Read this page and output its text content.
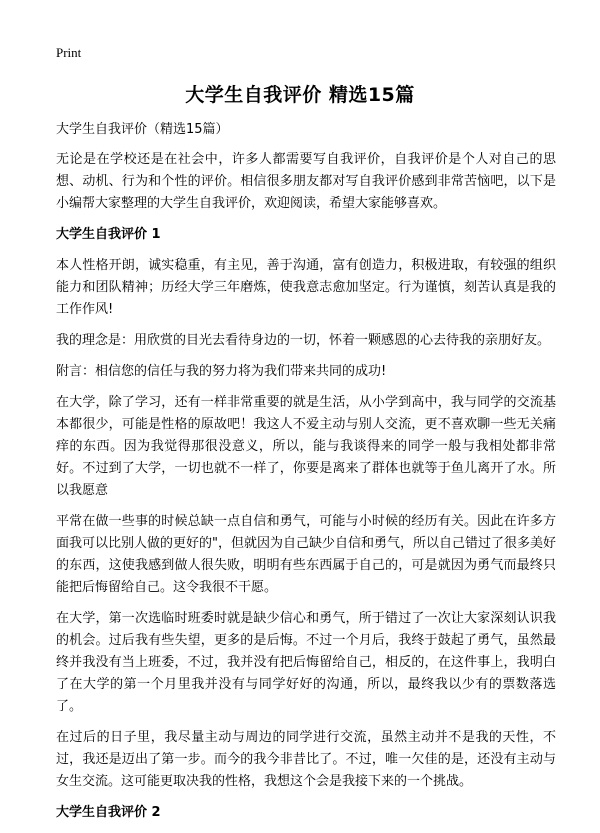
Print
大学生自我评价 精选15篇
大学生自我评价（精选15篇）
无论是在学校还是在社会中，许多人都需要写自我评价，自我评价是个人对自己的思想、动机、行为和个性的评价。相信很多朋友都对写自我评价感到非常苦恼吧，以下是小编帮大家整理的大学生自我评价，欢迎阅读，希望大家能够喜欢。
大学生自我评价 1
本人性格开朗，诚实稳重，有主见，善于沟通，富有创造力，积极进取，有较强的组织能力和团队精神；历经大学三年磨炼，使我意志愈加坚定。行为谨慎，刻苦认真是我的工作作风!
我的理念是：用欣赏的目光去看待身边的一切，怀着一颗感恩的心去待我的亲朋好友。
附言：相信您的信任与我的努力将为我们带来共同的成功!
在大学，除了学习，还有一样非常重要的就是生活，从小学到高中，我与同学的交流基本都很少，可能是性格的原故吧！我这人不爱主动与别人交流，更不喜欢聊一些无关痛痒的东西。因为我觉得那很没意义，所以，能与我谈得来的同学一般与我相处都非常好。不过到了大学，一切也就不一样了，你要是离来了群体也就等于鱼儿离开了水。所以我愿意
平常在做一些事的时候总缺一点自信和勇气，可能与小时候的经历有关。因此在许多方面我可以比别人做的更好的"，但就因为自己缺少自信和勇气，所以自己错过了很多美好的东西，这使我感到做人很失败，明明有些东西属于自己的，可是就因为勇气而最终只能把后悔留给自己。这令我很不干愿。
在大学，第一次选临时班委时就是缺少信心和勇气，所于错过了一次让大家深刻认识我的机会。过后我有些失望，更多的是后悔。不过一个月后，我终于鼓起了勇气，虽然最终并我没有当上班委，不过，我并没有把后悔留给自己，相反的，在这件事上，我明白了在大学的第一个月里我并没有与同学好好的沟通，所以，最终我以少有的票数落选了。
在过后的日子里，我尽量主动与周边的同学进行交流，虽然主动并不是我的天性，不过，我还是迈出了第一步。而今的我今非昔比了。不过，唯一欠佳的是，还没有主动与女生交流。这可能更取决我的性格，我想这个会是我接下来的一个挑战。
大学生自我评价 2
